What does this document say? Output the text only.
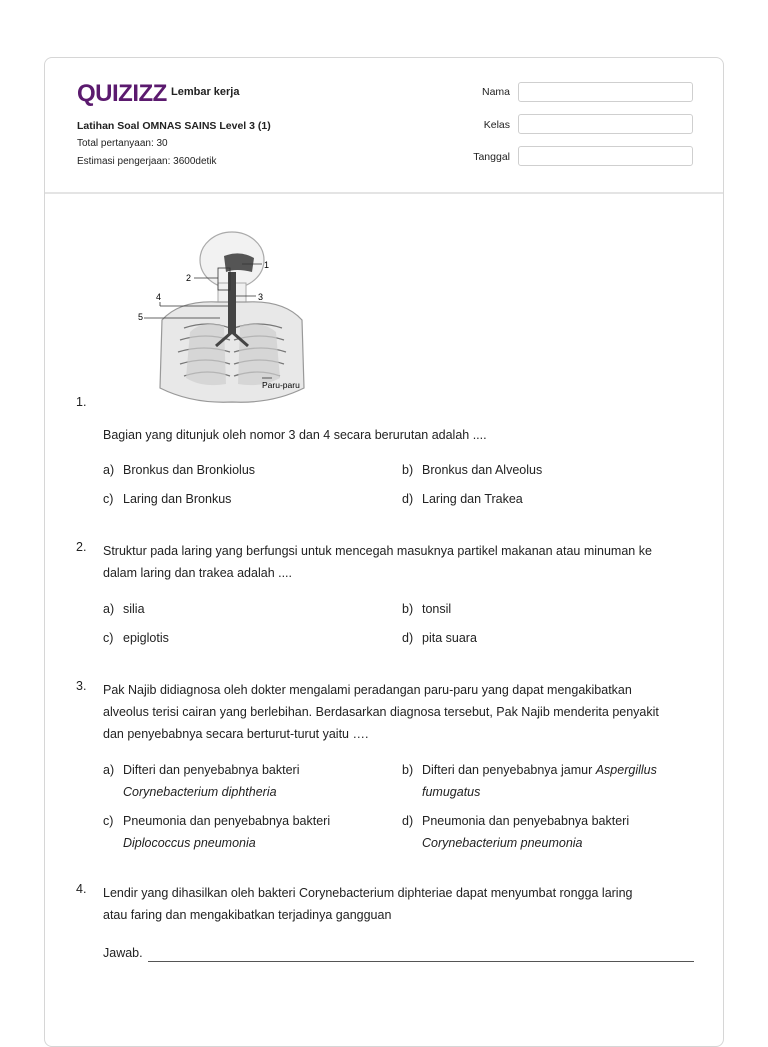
QUIZIZZ Lembar kerja
Latihan Soal OMNAS SAINS Level 3 (1)
Total pertanyaan: 30
Estimasi pengerjaan: 3600detik
Nama
Kelas
Tanggal
1
2
3
4
5
Paru-paru
1.
Bagian yang ditunjuk oleh nomor 3 dan 4 secara berurutan adalah ....
a) Bronkus dan Bronkiolus	b) Bronkus dan Alveolus
c) Laring dan Bronkus	d) Laring dan Trakea
2. Struktur pada laring yang berfungsi untuk mencegah masuknya partikel makanan atau minuman ke
dalam laring dan trakea adalah ....
a) silia	b) tonsil
c) epiglotis	d) pita suara
3. Pak Najib didiagnosa oleh dokter mengalami peradangan paru-paru yang dapat mengakibatkan
alveolus terisi cairan yang berlebihan. Berdasarkan diagnosa tersebut, Pak Najib menderita penyakit
dan penyebabnya secara berturut-turut yaitu ….
a) Difteri dan penyebabnya bakteri
Corynebacterium diphtheria
b) Difteri dan penyebabnya jamur Aspergillus
fumugatus
c) Pneumonia dan penyebabnya bakteri
Diplococcus pneumonia
d) Pneumonia dan penyebabnya bakteri
Corynebacterium pneumonia
4. Lendir yang dihasilkan oleh bakteri Corynebacterium diphteriae dapat menyumbat rongga laring
atau faring dan mengakibatkan terjadinya gangguan
Jawab.
